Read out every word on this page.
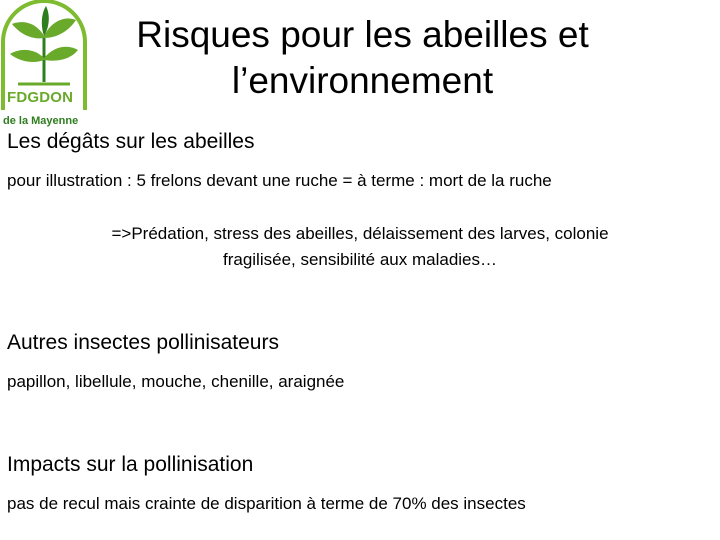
FDGDON
de la Mayenne
Risques pour les abeilles et
l’environnement
Les dégâts sur les abeilles
pour illustration : 5 frelons devant une ruche = à terme : mort de la ruche
=>Prédation, stress des abeilles, délaissement des larves, colonie
fragilisée, sensibilité aux maladies…
Autres insectes pollinisateurs
papillon, libellule, mouche, chenille, araignée
Impacts sur la pollinisation
pas de recul mais crainte de disparition à terme de 70% des insectes
